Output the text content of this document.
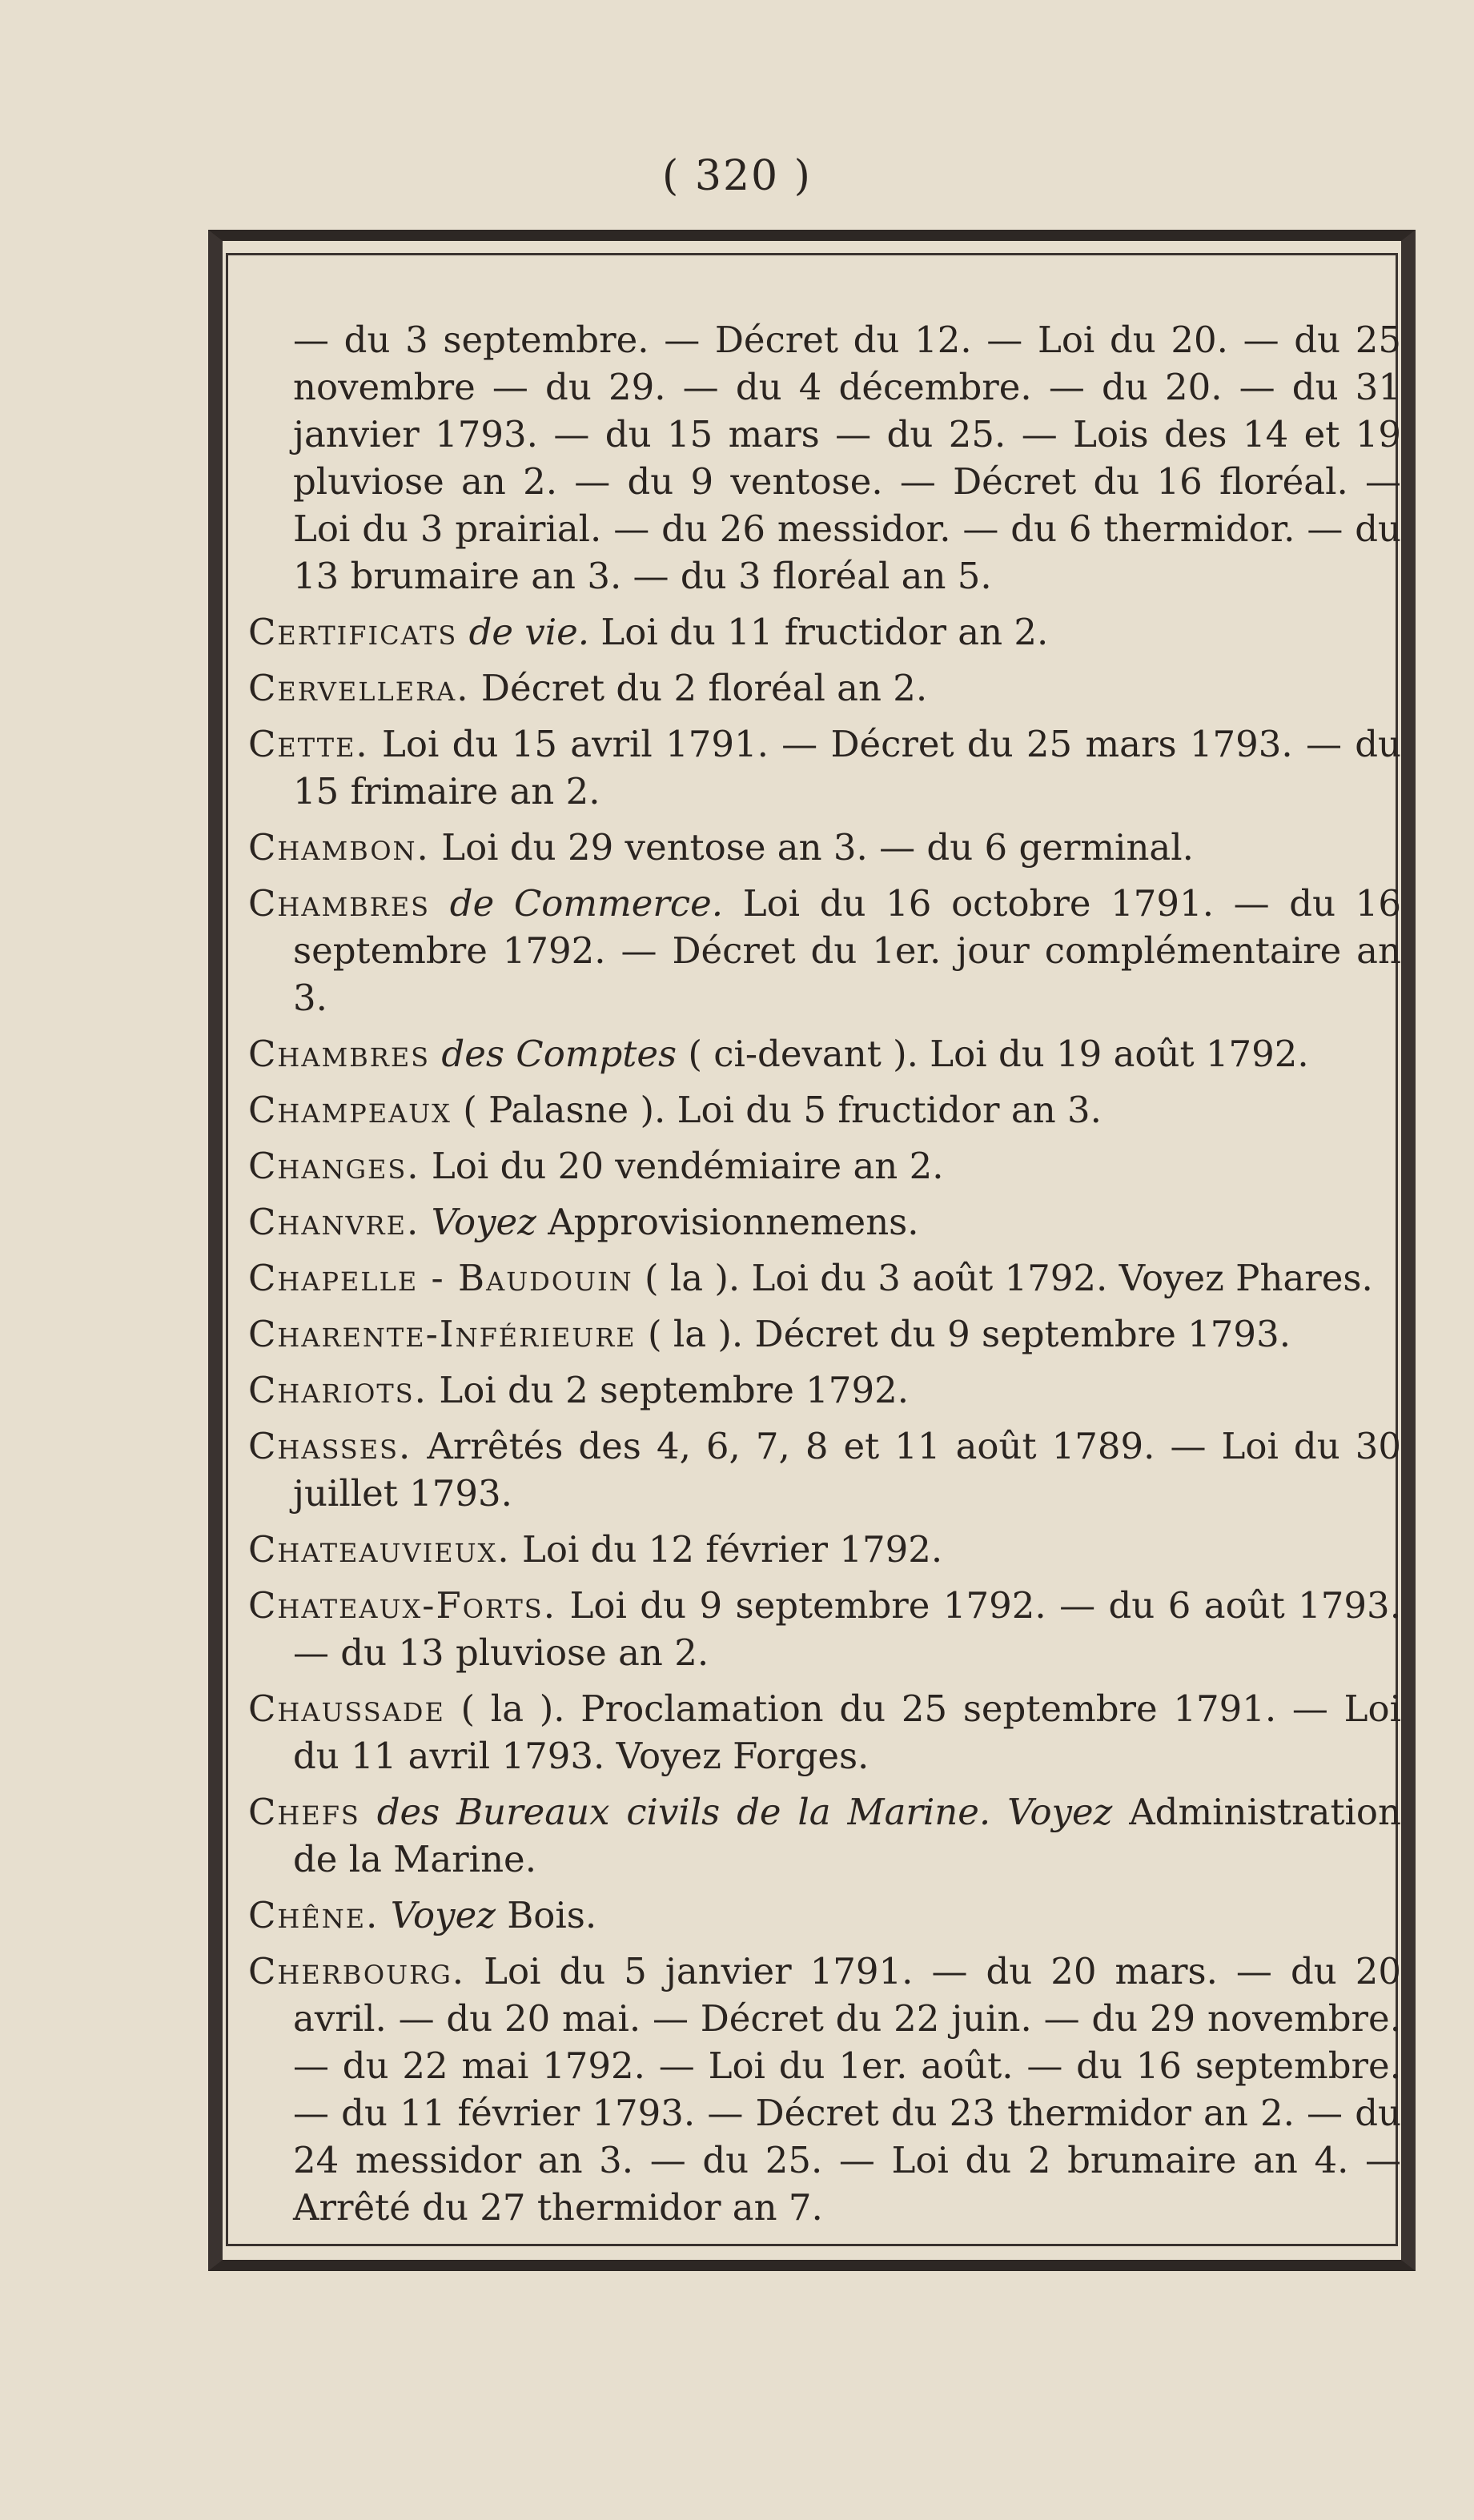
( 320 )

— du 3 septembre. — Décret du 12. — Loi du 20. — du 25 novembre — du 29. — du 4 décembre. — du 20. — du 31 janvier 1793. — du 15 mars — du 25. — Lois des 14 et 19 pluviose an 2. — du 9 ventose. — Décret du 16 floréal. — Loi du 3 prairial. — du 26 messidor. — du 6 thermidor. — du 13 brumaire an 3. — du 3 floréal an 5.

Certificats de vie. Loi du 11 fructidor an 2.

Cervellera. Décret du 2 floréal an 2.

Cette. Loi du 15 avril 1791. — Décret du 25 mars 1793. — du 15 frimaire an 2.

Chambon. Loi du 29 ventose an 3. — du 6 germinal.

Chambres de Commerce. Loi du 16 octobre 1791. — du 16 septembre 1792. — Décret du 1er. jour complémentaire an 3.

Chambres des Comptes ( ci-devant ). Loi du 19 août 1792.

Champeaux ( Palasne ). Loi du 5 fructidor an 3.

Changes. Loi du 20 vendémiaire an 2.

Chanvre. Voyez Approvisionnemens.

Chapelle - Baudouin ( la ). Loi du 3 août 1792. Voyez Phares.

Charente-Inférieure ( la ). Décret du 9 septembre 1793.

Chariots. Loi du 2 septembre 1792.

Chasses. Arrêtés des 4, 6, 7, 8 et 11 août 1789. — Loi du 30 juillet 1793.

Chateauvieux. Loi du 12 février 1792.

Chateaux-Forts. Loi du 9 septembre 1792. — du 6 août 1793. — du 13 pluviose an 2.

Chaussade ( la ). Proclamation du 25 septembre 1791. — Loi du 11 avril 1793. Voyez Forges.

Chefs des Bureaux civils de la Marine. Voyez Administration de la Marine.

Chêne. Voyez Bois.

Cherbourg. Loi du 5 janvier 1791. — du 20 mars. — du 20 avril. — du 20 mai. — Décret du 22 juin. — du 29 novembre. — du 22 mai 1792. — Loi du 1er. août. — du 16 septembre. — du 11 février 1793. — Décret du 23 thermidor an 2. — du 24 messidor an 3. — du 25. — Loi du 2 brumaire an 4. — Arrêté du 27 thermidor an 7.
